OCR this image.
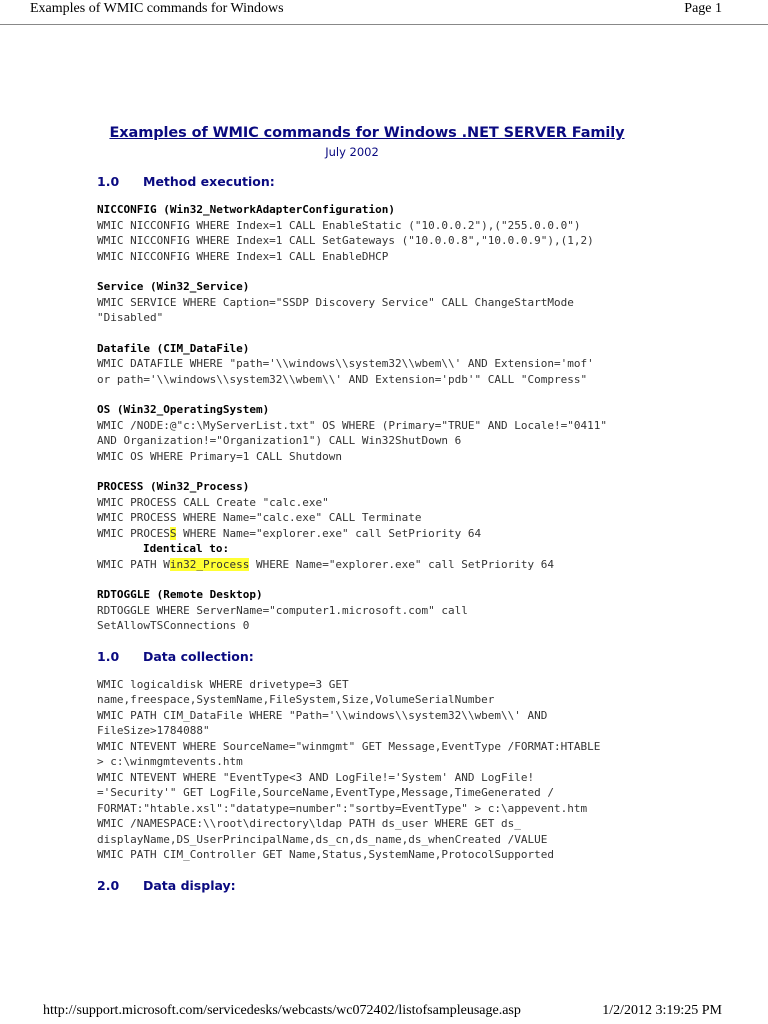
Examples of WMIC commands for Windows	Page 1
Examples of WMIC commands for Windows .NET SERVER Family
July 2002
1.0 Method execution:
NICCONFIG (Win32_NetworkAdapterConfiguration)
WMIC NICCONFIG WHERE Index=1 CALL EnableStatic ("10.0.0.2"),("255.0.0.0")
WMIC NICCONFIG WHERE Index=1 CALL SetGateways ("10.0.0.8","10.0.0.9"),(1,2)
WMIC NICCONFIG WHERE Index=1 CALL EnableDHCP
Service (Win32_Service)
WMIC SERVICE WHERE Caption="SSDP Discovery Service" CALL ChangeStartMode
"Disabled"
Datafile (CIM_DataFile)
WMIC DATAFILE WHERE "path='\\windows\\system32\\wbem\\' AND Extension='mof'
or path='\\windows\\system32\\wbem\\' AND Extension='pdb'" CALL "Compress"
OS (Win32_OperatingSystem)
WMIC /NODE:@"c:\MyServerList.txt" OS WHERE (Primary="TRUE" AND Locale!="0411"
AND Organization!="Organization1") CALL Win32ShutDown 6
WMIC OS WHERE Primary=1 CALL Shutdown
PROCESS (Win32_Process)
WMIC PROCESS CALL Create "calc.exe"
WMIC PROCESS WHERE Name="calc.exe" CALL Terminate
WMIC PROCESS WHERE Name="explorer.exe" call SetPriority 64
Identical to:
WMIC PATH Win32_Process WHERE Name="explorer.exe" call SetPriority 64
RDTOGGLE (Remote Desktop)
RDTOGGLE WHERE ServerName="computer1.microsoft.com" call
SetAllowTSConnections 0
1.0 Data collection:
WMIC logicaldisk WHERE drivetype=3 GET
name,freespace,SystemName,FileSystem,Size,VolumeSerialNumber
WMIC PATH CIM_DataFile WHERE "Path='\\windows\\system32\\wbem\\' AND
FileSize>1784088"
WMIC NTEVENT WHERE SourceName="winmgmt" GET Message,EventType /FORMAT:HTABLE
> c:\winmgmtevents.htm
WMIC NTEVENT WHERE "EventType<3 AND LogFile!='System' AND LogFile!
='Security'" GET LogFile,SourceName,EventType,Message,TimeGenerated /
FORMAT:"htable.xsl":"datatype=number":"sortby=EventType" > c:\appevent.htm
WMIC /NAMESPACE:\\root\directory\ldap PATH ds_user WHERE GET ds_
displayName,DS_UserPrincipalName,ds_cn,ds_name,ds_whenCreated /VALUE
WMIC PATH CIM_Controller GET Name,Status,SystemName,ProtocolSupported
2.0 Data display:
http://support.microsoft.com/servicedesks/webcasts/wc072402/listofsampleusage.asp	1/2/2012 3:19:25 PM
